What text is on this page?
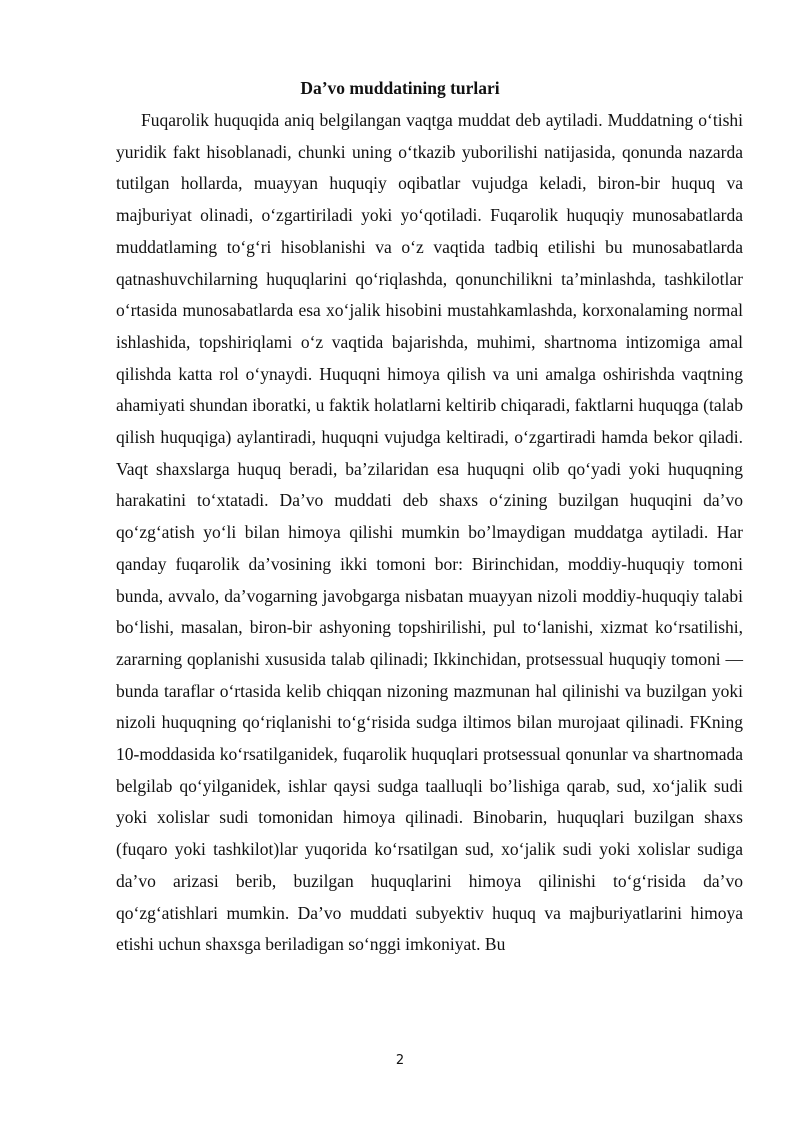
Da’vo muddatining turlari

Fuqarolik huquqida aniq belgilangan vaqtga muddat deb aytiladi. Muddatning o‘tishi yuridik fakt hisoblanadi, chunki uning o‘tkazib yuborilishi natijasida, qonunda nazarda tutilgan hollarda, muayyan huquqiy oqibatlar vujudga keladi, biron-bir huquq va majburiyat olinadi, o‘zgartiriladi yoki yo‘qotiladi. Fuqarolik huquqiy munosabatlarda muddatlaming to‘g‘ri hisoblanishi va o‘z vaqtida tadbiq etilishi bu munosabatlarda qatnashuvchilarning huquqlarini qo‘riqlashda, qonunchilikni ta’minlashda, tashkilotlar o‘rtasida munosabatlarda esa xo‘jalik hisobini mustahkamlashda, korxonalaming normal ishlashida, topshiriqlami o‘z vaqtida bajarishda, muhimi, shartnoma intizomiga amal qilishda katta rol o‘ynaydi. Huquqni himoya qilish va uni amalga oshirishda vaqtning ahamiyati shundan iboratki, u faktik holatlarni keltirib chiqaradi, faktlarni huquqga (talab qilish huquqiga) aylantiradi, huquqni vujudga keltiradi, o‘zgartiradi hamda bekor qiladi. Vaqt shaxslarga huquq beradi, ba’zilaridan esa huquqni olib qo‘yadi yoki huquqning harakatini to‘xtatadi. Da’vo muddati deb shaxs o‘zining buzilgan huquqini da’vo qo‘zg‘atish yo‘li bilan himoya qilishi mumkin bo’lmaydigan muddatga aytiladi. Har qanday fuqarolik da’vosining ikki tomoni bor: Birinchidan, moddiy-huquqiy tomoni bunda, avvalo, da’vogarning javobgarga nisbatan muayyan nizoli moddiy-huquqiy talabi bo‘lishi, masalan, biron-bir ashyoning topshirilishi, pul to‘lanishi, xizmat ko‘rsatilishi, zararning qoplanishi xususida talab qilinadi; Ikkinchidan, protsessual huquqiy tomoni — bunda taraflar o‘rtasida kelib chiqqan nizoning mazmunan hal qilinishi va buzilgan yoki nizoli huquqning qo‘riqlanishi to‘g‘risida sudga iltimos bilan murojaat qilinadi. FKning 10-moddasida ko‘rsatilganidek, fuqarolik huquqlari protsessual qonunlar va shartnomada belgilab qo‘yilganidek, ishlar qaysi sudga taalluqli bo’lishiga qarab, sud, xo‘jalik sudi yoki xolislar sudi tomonidan himoya qilinadi. Binobarin, huquqlari buzilgan shaxs (fuqaro yoki tashkilot)lar yuqorida ko‘rsatilgan sud, xo‘jalik sudi yoki xolislar sudiga da’vo arizasi berib, buzilgan huquqlarini himoya qilinishi to‘g‘risida da’vo qo‘zg‘atishlari mumkin. Da’vo muddati subyektiv huquq va majburiyatlarini himoya etishi uchun shaxsga beriladigan so‘nggi imkoniyat. Bu

2
